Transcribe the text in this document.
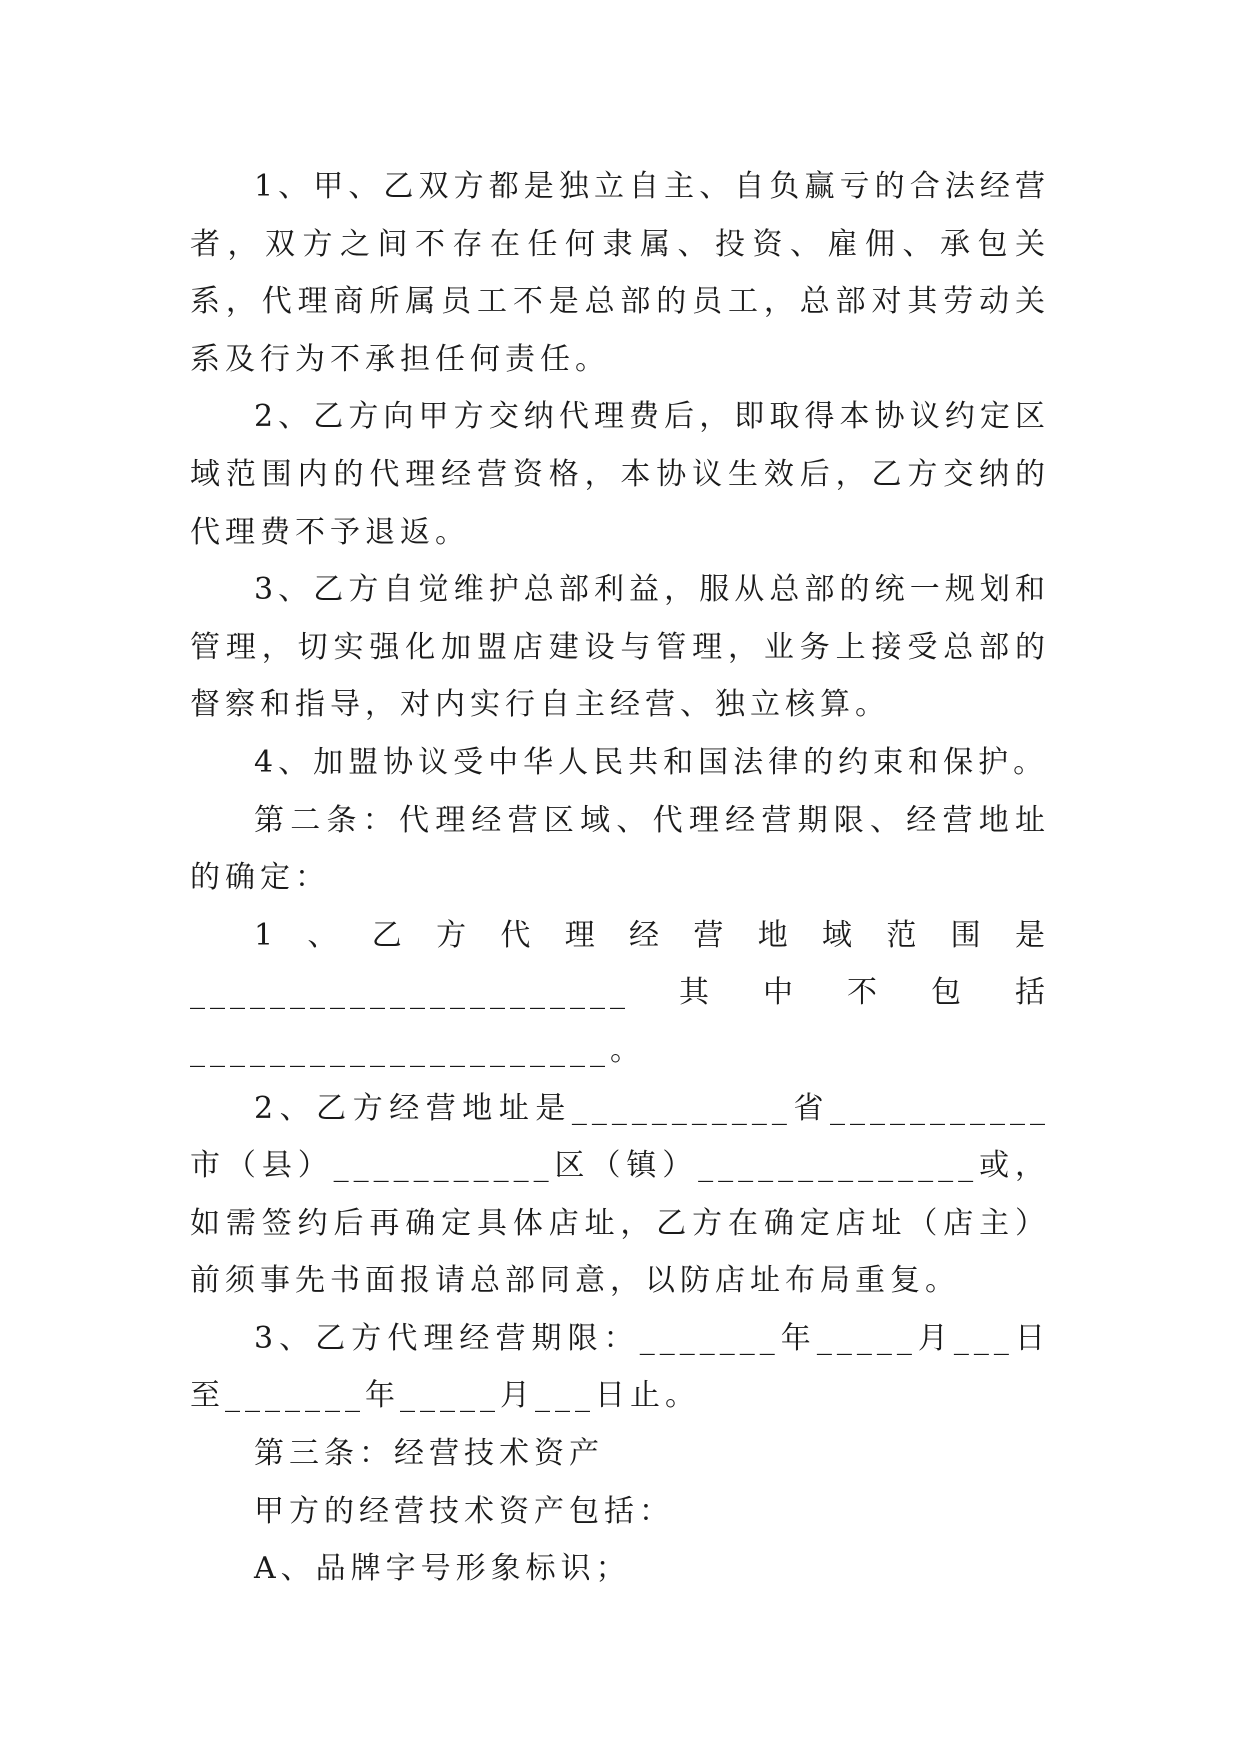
1、甲、乙双方都是独立自主、自负赢亏的合法经营者，双方之间不存在任何隶属、投资、雇佣、承包关系，代理商所属员工不是总部的员工，总部对其劳动关系及行为不承担任何责任。

2、乙方向甲方交纳代理费后，即取得本协议约定区域范围内的代理经营资格，本协议生效后，乙方交纳的代理费不予退返。

3、乙方自觉维护总部利益，服从总部的统一规划和管理，切实强化加盟店建设与管理，业务上接受总部的督察和指导，对内实行自主经营、独立核算。

4、加盟协议受中华人民共和国法律的约束和保护。

第二条：代理经营区域、代理经营期限、经营地址的确定：

1、乙方代理经营地域范围是______________________其中不包括_____________________。

2、乙方经营地址是___________省___________市（县）___________区（镇）______________或，如需签约后再确定具体店址，乙方在确定店址（店主）前须事先书面报请总部同意，以防店址布局重复。

3、乙方代理经营期限：_______年_____月___日至_______年_____月___日止。

第三条：经营技术资产

甲方的经营技术资产包括：

A、品牌字号形象标识；
